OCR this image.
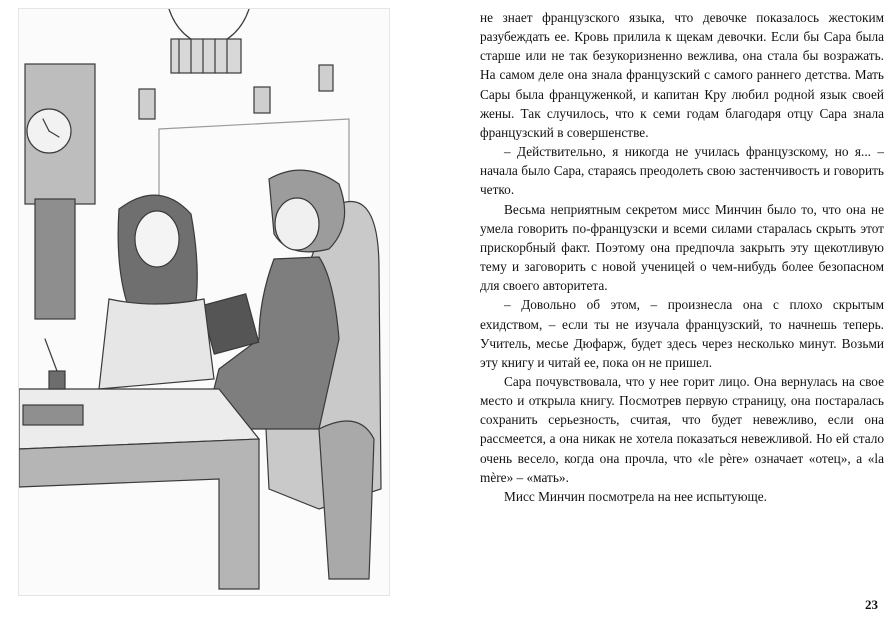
не знает французского языка, что девочке показалось жестоким разубеждать ее. Кровь прилила к щекам девочки. Если бы Сара была старше или не так безукоризненно вежлива, она стала бы возражать. На самом деле она знала французский с самого раннего детства. Мать Сары была француженкой, и капитан Кру любил родной язык своей жены. Так случилось, что к семи годам благодаря отцу Сара знала французский в совершенстве.

– Действительно, я никогда не училась французскому, но я... – начала было Сара, стараясь преодолеть свою застенчивость и говорить четко.

Весьма неприятным секретом мисс Минчин было то, что она не умела говорить по-французски и всеми силами старалась скрыть этот прискорбный факт. Поэтому она предпочла закрыть эту щекотливую тему и заговорить с новой ученицей о чем-нибудь более безопасном для своего авторитета.

– Довольно об этом, – произнесла она с плохо скрытым ехидством, – если ты не изучала французский, то начнешь теперь. Учитель, месье Дюфарж, будет здесь через несколько минут. Возьми эту книгу и читай ее, пока он не пришел.

Сара почувствовала, что у нее горит лицо. Она вернулась на свое место и открыла книгу. Посмотрев первую страницу, она постаралась сохранить серьезность, считая, что будет невежливо, если она рассмеется, а она никак не хотела показаться невежливой. Но ей стало очень весело, когда она прочла, что «le père» означает «отец», а «la mère» – «мать».

Мисс Минчин посмотрела на нее испытующе.

23
